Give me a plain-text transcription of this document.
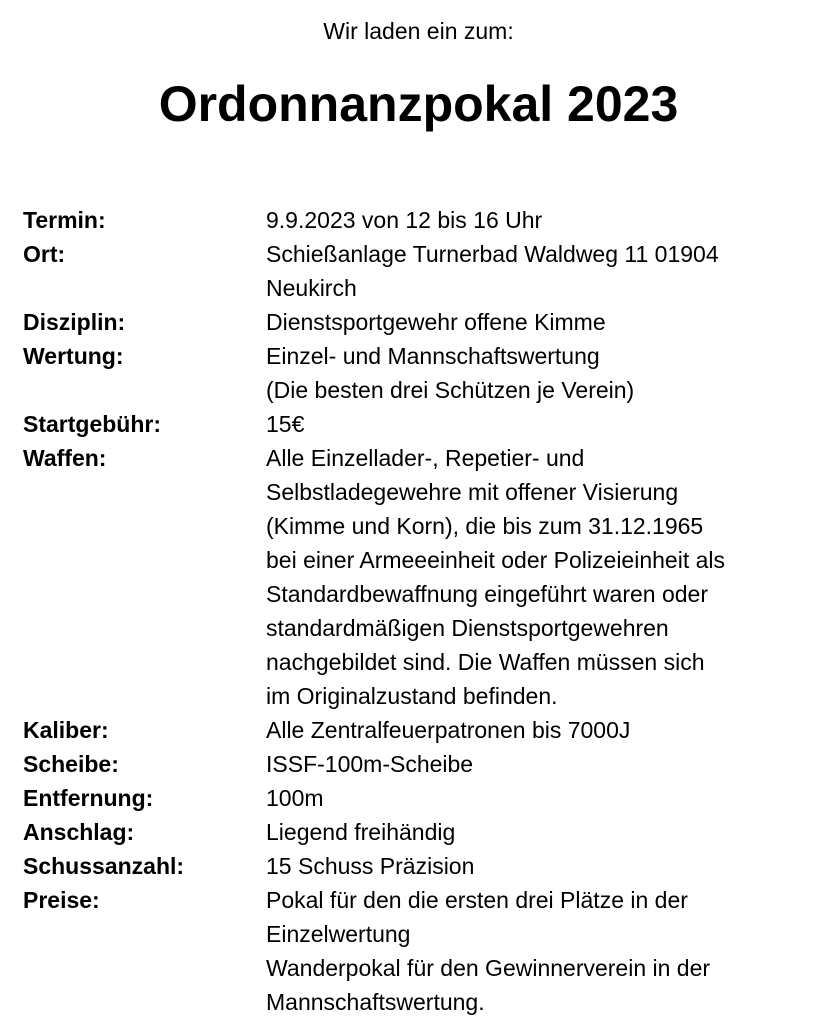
Wir laden ein zum:
Ordonnanzpokal 2023
Termin:	9.9.2023 von 12 bis 16 Uhr
Ort:	Schießanlage Turnerbad Waldweg 11 01904
Neukirch
Disziplin:	Dienstsportgewehr offene Kimme
Wertung:	Einzel- und Mannschaftswertung
(Die besten drei Schützen je Verein)
Startgebühr:	15€
Waffen:	Alle Einzellader-, Repetier- und
Selbstladegewehre mit offener Visierung
(Kimme und Korn), die bis zum 31.12.1965
bei einer Armeeeinheit oder Polizeieinheit als
Standardbewaffnung eingeführt waren oder
standardmäßigen Dienstsportgewehren
nachgebildet sind. Die Waffen müssen sich
im Originalzustand befinden.
Kaliber:	Alle Zentralfeuerpatronen bis 7000J
Scheibe:	ISSF-100m-Scheibe
Entfernung:	100m
Anschlag:	Liegend freihändig
Schussanzahl:	15 Schuss Präzision
Preise:	Pokal für den die ersten drei Plätze in der
Einzelwertung
Wanderpokal für den Gewinnerverein in der
Mannschaftswertung.
